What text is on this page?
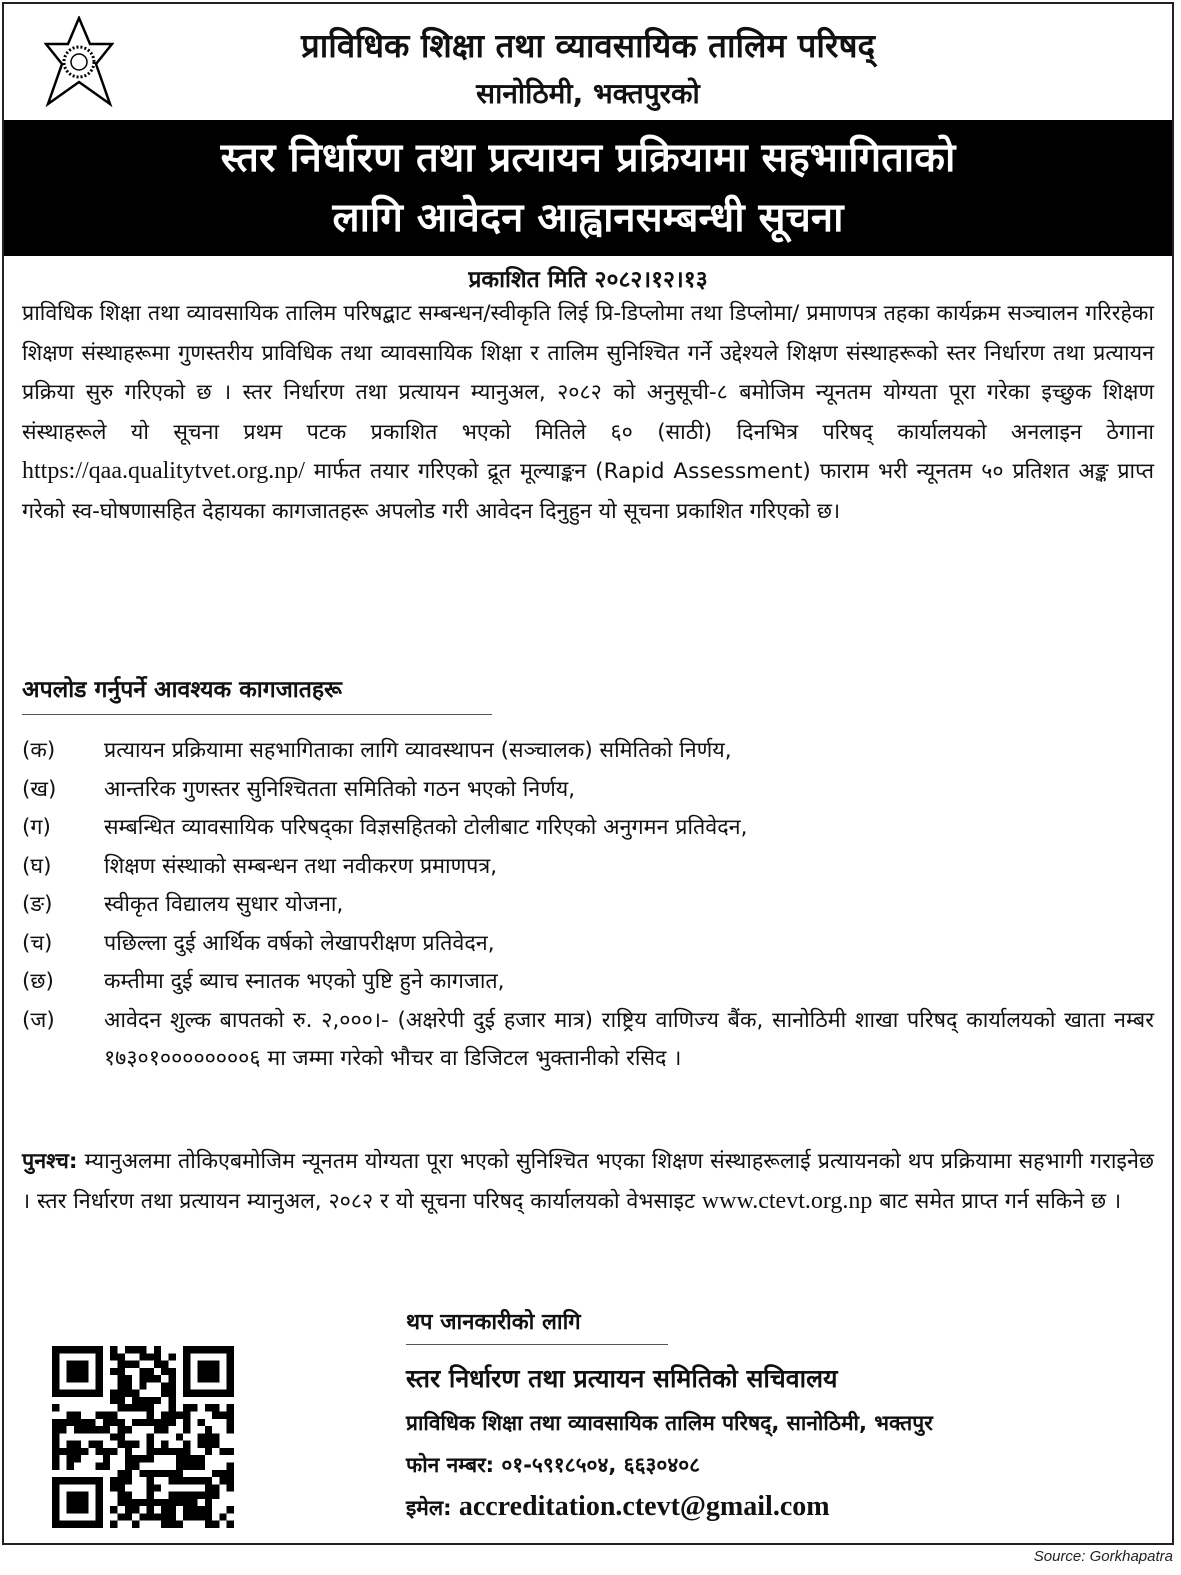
प्राविधिक शिक्षा तथा व्यावसायिक तालिम परिषद्
सानोठिमी, भक्तपुरको
स्तर निर्धारण तथा प्रत्यायन प्रक्रियामा सहभागिताको
लागि आवेदन आह्वानसम्बन्धी सूचना
प्रकाशित मिति २०८२।१२।१३
प्राविधिक शिक्षा तथा व्यावसायिक तालिम परिषद्बाट सम्बन्धन/स्वीकृति लिई प्रि-डिप्लोमा तथा डिप्लोमा/ प्रमाणपत्र तहका कार्यक्रम सञ्चालन गरिरहेका शिक्षण संस्थाहरूमा गुणस्तरीय प्राविधिक तथा व्यावसायिक शिक्षा र तालिम सुनिश्चित गर्ने उद्देश्यले शिक्षण संस्थाहरूको स्तर निर्धारण तथा प्रत्यायन प्रक्रिया सुरु गरिएको छ । स्तर निर्धारण तथा प्रत्यायन म्यानुअल, २०८२ को अनुसूची-८ बमोजिम न्यूनतम योग्यता पूरा गरेका इच्छुक शिक्षण संस्थाहरूले यो सूचना प्रथम पटक प्रकाशित भएको मितिले ६० (साठी) दिनभित्र परिषद् कार्यालयको अनलाइन ठेगाना https://qaa.qualitytvet.org.np/ मार्फत तयार गरिएको द्रूत मूल्याङ्कन (Rapid Assessment) फाराम भरी न्यूनतम ५० प्रतिशत अङ्क प्राप्त गरेको स्व-घोषणासहित देहायका कागजातहरू अपलोड गरी आवेदन दिनुहुन यो सूचना प्रकाशित गरिएको छ।
अपलोड गर्नुपर्ने आवश्यक कागजातहरू
(क)	प्रत्यायन प्रक्रियामा सहभागिताका लागि व्यावस्थापन (सञ्चालक) समितिको निर्णय,
(ख)	आन्तरिक गुणस्तर सुनिश्चितता समितिको गठन भएको निर्णय,
(ग)	सम्बन्धित व्यावसायिक परिषद्का विज्ञसहितको टोलीबाट गरिएको अनुगमन प्रतिवेदन,
(घ)	शिक्षण संस्थाको सम्बन्धन तथा नवीकरण प्रमाणपत्र,
(ङ)	स्वीकृत विद्यालय सुधार योजना,
(च)	पछिल्ला दुई आर्थिक वर्षको लेखापरीक्षण प्रतिवेदन,
(छ)	कम्तीमा दुई ब्याच स्नातक भएको पुष्टि हुने कागजात,
(ज)	आवेदन शुल्क बापतको रु. २,०००।- (अक्षरेपी दुई हजार मात्र) राष्ट्रिय वाणिज्य बैंक, सानोठिमी शाखा परिषद् कार्यालयको खाता नम्बर १७३०१००००००००६ मा जम्मा गरेको भौचर वा डिजिटल भुक्तानीको रसिद ।
पुनश्च: म्यानुअलमा तोकिएबमोजिम न्यूनतम योग्यता पूरा भएको सुनिश्चित भएका शिक्षण संस्थाहरूलाई प्रत्यायनको थप प्रक्रियामा सहभागी गराइनेछ । स्तर निर्धारण तथा प्रत्यायन म्यानुअल, २०८२ र यो सूचना परिषद् कार्यालयको वेभसाइट www.ctevt.org.np बाट समेत प्राप्त गर्न सकिने छ ।
थप जानकारीको लागि
स्तर निर्धारण तथा प्रत्यायन समितिको सचिवालय
प्राविधिक शिक्षा तथा व्यावसायिक तालिम परिषद्, सानोठिमी, भक्तपुर
फोन नम्बर: ०१-५९१८५०४, ६६३०४०८
इमेल: accreditation.ctevt@gmail.com
Source: Gorkhapatra
